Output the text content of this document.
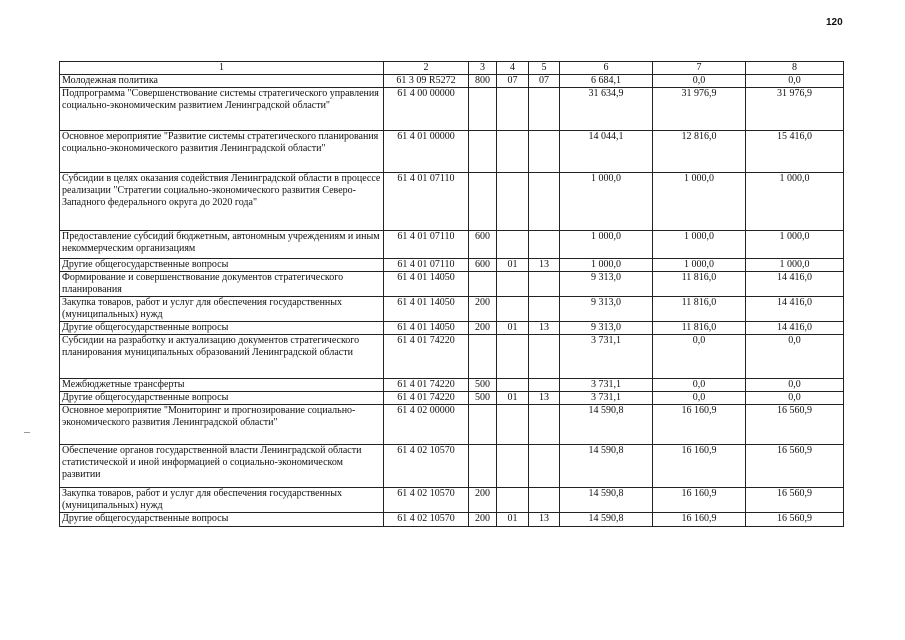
120
1	2	3	4	5	6	7	8
Молодежная политика	61 3 09 R5272	800	07	07	6 684,1	0,0	0,0
Подпрограмма "Совершенствование системы стратегического управления социально-экономическим развитием Ленинградской области"	61 4 00 00000				31 634,9	31 976,9	31 976,9
Основное мероприятие "Развитие системы стратегического планирования социально-экономического развития Ленинградской области"	61 4 01 00000				14 044,1	12 816,0	15 416,0
Субсидии в целях оказания содействия Ленинградской области в процессе реализации "Стратегии социально-экономического развития Северо-Западного федерального округа до 2020 года"	61 4 01 07110				1 000,0	1 000,0	1 000,0
Предоставление субсидий бюджетным, автономным учреждениям и иным некоммерческим организациям	61 4 01 07110	600			1 000,0	1 000,0	1 000,0
Другие общегосударственные вопросы	61 4 01 07110	600	01	13	1 000,0	1 000,0	1 000,0
Формирование и совершенствование документов стратегического планирования	61 4 01 14050				9 313,0	11 816,0	14 416,0
Закупка товаров, работ и услуг для обеспечения государственных (муниципальных) нужд	61 4 01 14050	200			9 313,0	11 816,0	14 416,0
Другие общегосударственные вопросы	61 4 01 14050	200	01	13	9 313,0	11 816,0	14 416,0
Субсидии на разработку и актуализацию документов стратегического планирования муниципальных образований Ленинградской области	61 4 01 74220				3 731,1	0,0	0,0
Межбюджетные трансферты	61 4 01 74220	500			3 731,1	0,0	0,0
Другие общегосударственные вопросы	61 4 01 74220	500	01	13	3 731,1	0,0	0,0
Основное мероприятие "Мониторинг и прогнозирование социально-экономического развития Ленинградской области"	61 4 02 00000				14 590,8	16 160,9	16 560,9
Обеспечение органов государственной власти Ленинградской области статистической и иной информацией о социально-экономическом развитии	61 4 02 10570				14 590,8	16 160,9	16 560,9
Закупка товаров, работ и услуг для обеспечения государственных (муниципальных) нужд	61 4 02 10570	200			14 590,8	16 160,9	16 560,9
Другие общегосударственные вопросы	61 4 02 10570	200	01	13	14 590,8	16 160,9	16 560,9
